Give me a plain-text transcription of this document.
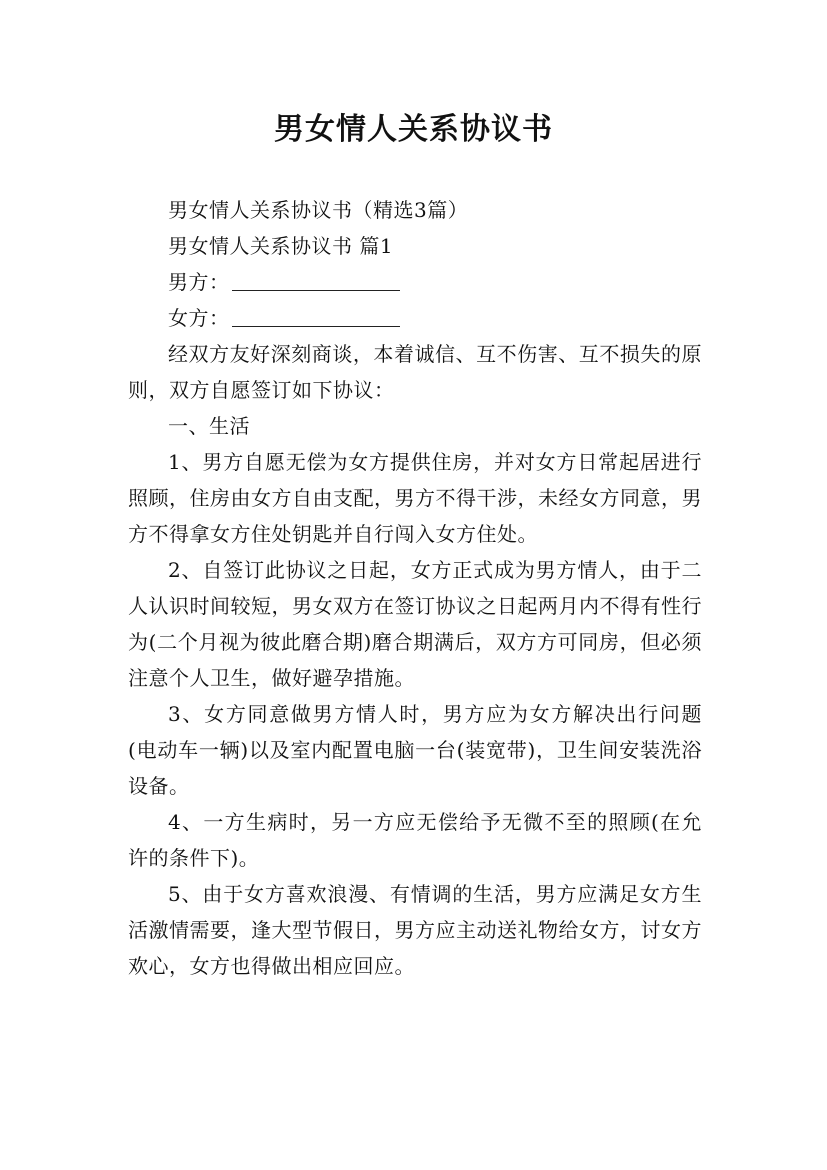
男女情人关系协议书

男女情人关系协议书（精选3篇）

男女情人关系协议书 篇1

男方：

女方：

经双方友好深刻商谈，本着诚信、互不伤害、互不损失的原则，双方自愿签订如下协议：

一、生活

1、男方自愿无偿为女方提供住房，并对女方日常起居进行照顾，住房由女方自由支配，男方不得干涉，未经女方同意，男方不得拿女方住处钥匙并自行闯入女方住处。

2、自签订此协议之日起，女方正式成为男方情人，由于二人认识时间较短，男女双方在签订协议之日起两月内不得有性行为(二个月视为彼此磨合期)磨合期满后，双方方可同房，但必须注意个人卫生，做好避孕措施。

3、女方同意做男方情人时，男方应为女方解决出行问题(电动车一辆)以及室内配置电脑一台(装宽带)，卫生间安装洗浴设备。

4、一方生病时，另一方应无偿给予无微不至的照顾(在允许的条件下)。

5、由于女方喜欢浪漫、有情调的生活，男方应满足女方生活激情需要，逢大型节假日，男方应主动送礼物给女方，讨女方欢心，女方也得做出相应回应。
